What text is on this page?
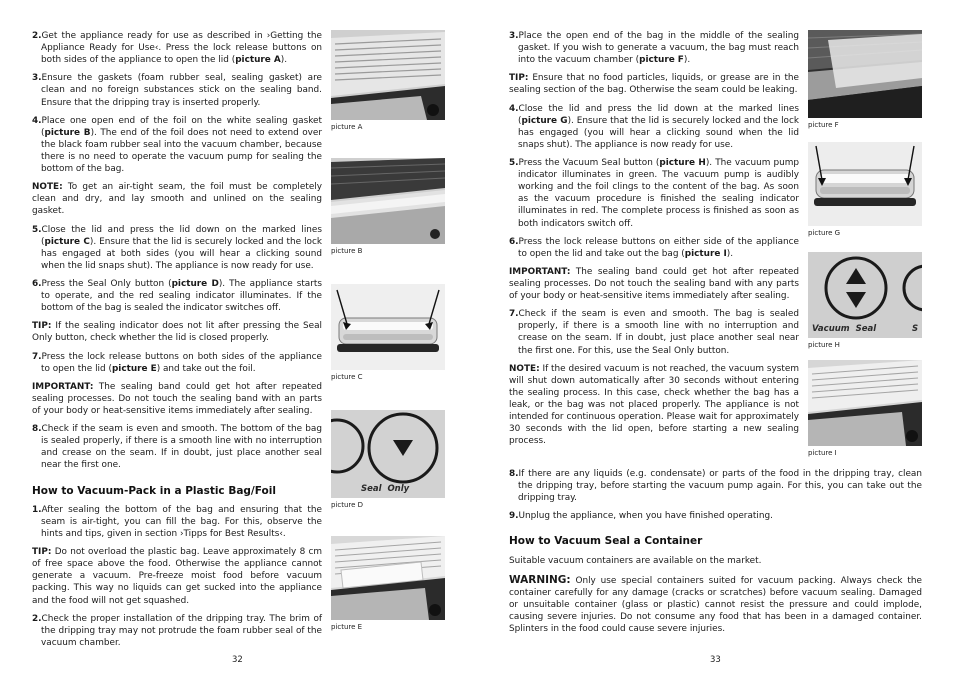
2.Get the appliance ready for use as described in ›Getting the Appliance Ready for Use‹. Press the lock release buttons on both sides of the appliance to open the lid (picture A).

3.Ensure the gaskets (foam rubber seal, sealing gasket) are clean and no foreign substances stick on the sealing band. Ensure that the dripping tray is inserted properly.

4.Place one open end of the foil on the white sealing gasket (picture B). The end of the foil does not need to extend over the black foam rubber seal into the vacuum chamber, because there is no need to operate the vacuum pump for sealing the bottom of the bag.

NOTE: To get an air-tight seam, the foil must be completely clean and dry, and lay smooth and unlined on the sealing gasket.

5.Close the lid and press the lid down on the marked lines (picture C). Ensure that the lid is securely locked and the lock has engaged at both sides (you will hear a clicking sound when the lid snaps shut). The appliance is now ready for use.

6.Press the Seal Only button (picture D). The appliance starts to operate, and the red sealing indicator illuminates. If the bottom of the bag is sealed the indicator switches off.

TIP: If the sealing indicator does not lit after pressing the Seal Only button, check whether the lid is closed properly.

7.Press the lock release buttons on both sides of the appliance to open the lid (picture E) and take out the foil.

IMPORTANT: The sealing band could get hot after repeated sealing processes. Do not touch the sealing band with an parts of your body or heat-sensitive items immediately after sealing.

8.Check if the seam is even and smooth. The bottom of the bag is sealed properly, if there is a smooth line with no interruption and crease on the seam. If in doubt, just place another seal near the first one.

How to Vacuum-Pack in a Plastic Bag/Foil

1.After sealing the bottom of the bag and ensuring that the seam is air-tight, you can fill the bag. For this, observe the hints and tips, given in section ›Tipps for Best Results‹.

TIP: Do not overload the plastic bag. Leave approximately 8 cm of free space above the food. Otherwise the appliance cannot generate a vacuum. Pre-freeze moist food before vacuum packing. This way no liquids can get sucked into the appliance and the food will not get squashed.

2.Check the proper installation of the dripping tray. The brim of the dripping tray may not protrude the foam rubber seal of the vacuum chamber.

picture A
picture B
picture C
Seal  Only
picture D
picture E
32

3.Place the open end of the bag in the middle of the sealing gasket. If you wish to generate a vacuum, the bag must reach into the vacuum chamber (picture F).

TIP: Ensure that no food particles, liquids, or grease are in the sealing section of the bag. Otherwise the seam could be leaking.

4.Close the lid and press the lid down at the marked lines (picture G). Ensure that the lid is securely locked and the lock has engaged (you will hear a clicking sound when the lid snaps shut). The appliance is now ready for use.

5.Press the Vacuum Seal button (picture H). The vacuum pump indicator illuminates in green. The vacuum pump is audibly working and the foil clings to the content of the bag. As soon as the vacuum procedure is finished the sealing indicator illuminates in red. The complete process is finished as soon as both indicators switch off.

6.Press the lock release buttons on either side of the appliance to open the lid and take out the bag (picture I).

IMPORTANT: The sealing band could get hot after repeated sealing processes. Do not touch the sealing band with any parts of your body or heat-sensitive items immediately after sealing.

7.Check if the seam is even and smooth. The bag is sealed properly, if there is a smooth line with no interruption and crease on the seam. If in doubt, just place another seal near the first one. For this, use the Seal Only button.

NOTE: If the desired vacuum is not reached, the vacuum system will shut down automatically after 30 seconds without entering the sealing process. In this case, check whether the bag has a leak, or the bag was not placed properly. The appliance is not intended for continuous operation. Please wait for approximately 30 seconds with the lid open, before starting a new sealing process.

8.If there are any liquids (e.g. condensate) or parts of the food in the dripping tray, clean the dripping tray, before starting the vacuum pump again. For this, you can take out the dripping tray.

9.Unplug the appliance, when you have finished operating.

How to Vacuum Seal a Container

Suitable vacuum containers are available on the market.

WARNING: Only use special containers suited for vacuum packing. Always check the container carefully for any damage (cracks or scratches) before vacuum sealing. Damaged or unsuitable container (glass or plastic) cannot resist the pressure and could implode, causing severe injuries. Do not consume any food that has been in a damaged container. Splinters in the food could cause severe injuries.

picture F
picture G
Vacuum  Seal	S
picture H
picture I
33
